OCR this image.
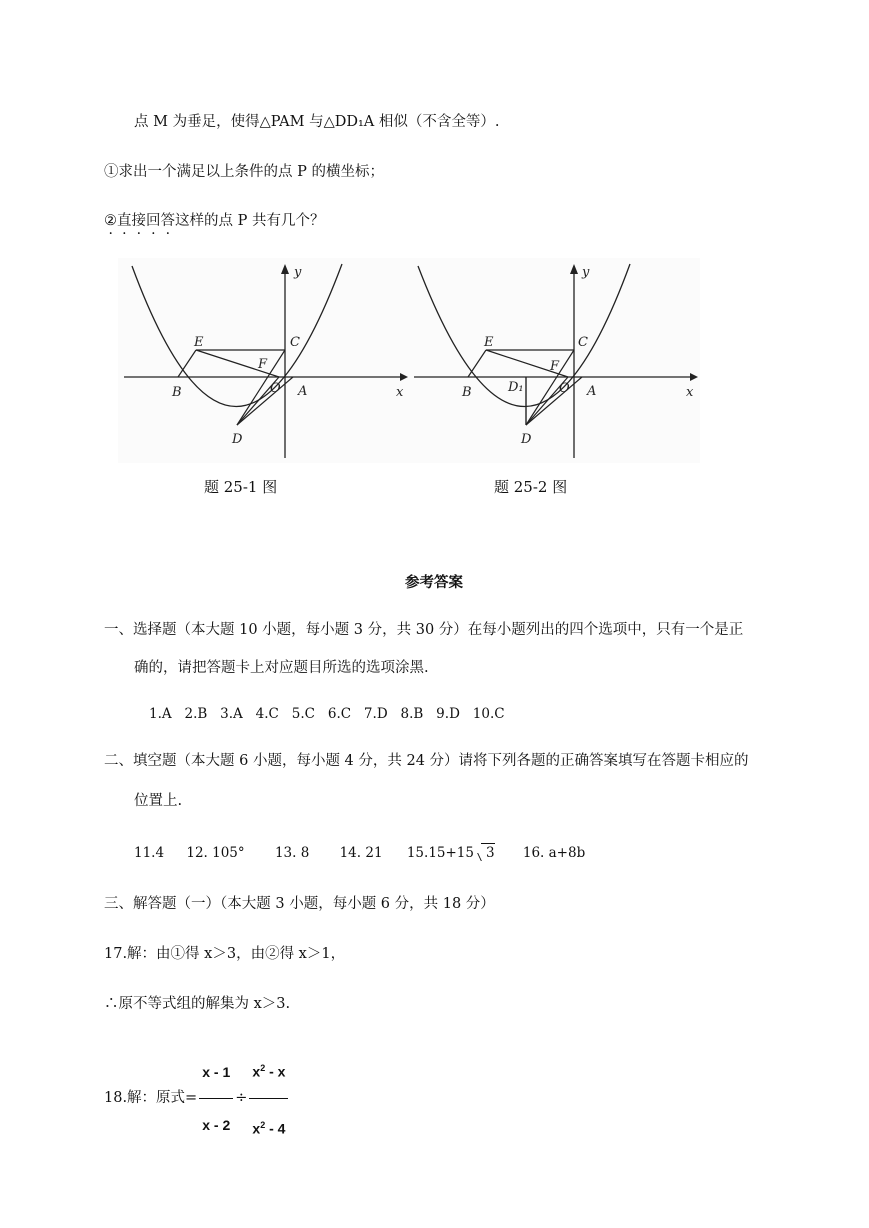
点 M 为垂足，使得△PAM 与△DD₁A 相似（不含全等）.
①求出一个满足以上条件的点 P 的横坐标；
② ·直接回答这样的点 P 共有几个？
y
x
E	C
F
B	O A
D
题 25-1 图
y
x
E	C
F
B	D₁	O A
D
题 25-2 图
参考答案
一、选择题（本大题 10 小题，每小题 3 分，共 30 分）在每小题列出的四个选项中，只有一个是正
确的，请把答题卡上对应题目所选的选项涂黑.
1.A   2.B   3.A   4.C   5.C   6.C   7.D   8.B   9.D   10.C
二、填空题（本大题 6 小题，每小题 4 分，共 24 分）请将下列各题的正确答案填写在答题卡相应的
位置上.
11.4 12. 105° 13. 8 14. 21 15.15+15 3 16. a+8b
三、解答题（一）（本大题 3 小题，每小题 6 分，共 18 分）
17.解：由①得 x＞3，由②得 x＞1，
∴原不等式组的解集为 x＞3.
18.解：原式= $\frac{x - 1}{x - 2} \div \frac{x^2 - x}{x^2 - 4}$
